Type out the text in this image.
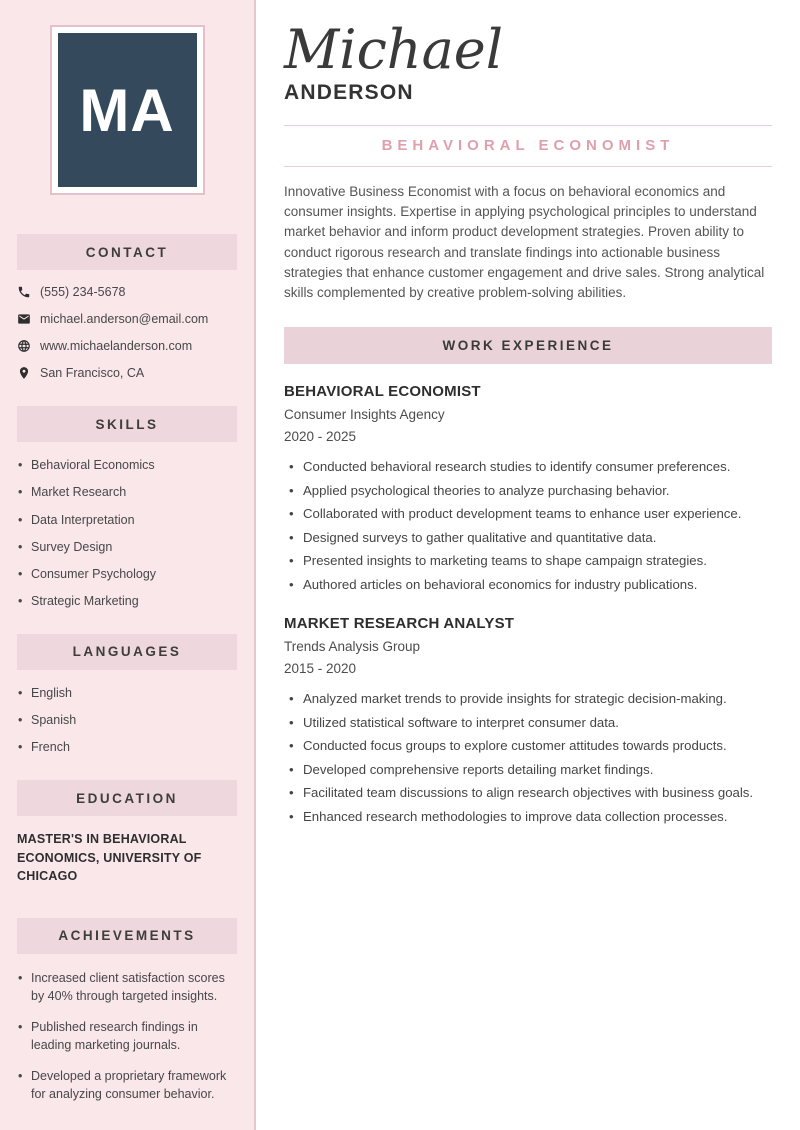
MA
CONTACT
(555) 234-5678
michael.anderson@email.com
www.michaelanderson.com
San Francisco, CA
SKILLS
• Behavioral Economics
• Market Research
• Data Interpretation
• Survey Design
• Consumer Psychology
• Strategic Marketing
LANGUAGES
• English
• Spanish
• French
EDUCATION
MASTER'S IN BEHAVIORAL ECONOMICS, UNIVERSITY OF CHICAGO
ACHIEVEMENTS
• Increased client satisfaction scores by 40% through targeted insights.
• Published research findings in leading marketing journals.
• Developed a proprietary framework for analyzing consumer behavior.
Michael
ANDERSON
BEHAVIORAL ECONOMIST

Innovative Business Economist with a focus on behavioral economics and consumer insights. Expertise in applying psychological principles to understand market behavior and inform product development strategies. Proven ability to conduct rigorous research and translate findings into actionable business strategies that enhance customer engagement and drive sales. Strong analytical skills complemented by creative problem-solving abilities.

WORK EXPERIENCE
BEHAVIORAL ECONOMIST
Consumer Insights Agency
2020 - 2025
• Conducted behavioral research studies to identify consumer preferences.
• Applied psychological theories to analyze purchasing behavior.
• Collaborated with product development teams to enhance user experience.
• Designed surveys to gather qualitative and quantitative data.
• Presented insights to marketing teams to shape campaign strategies.
• Authored articles on behavioral economics for industry publications.
MARKET RESEARCH ANALYST
Trends Analysis Group
2015 - 2020
• Analyzed market trends to provide insights for strategic decision-making.
• Utilized statistical software to interpret consumer data.
• Conducted focus groups to explore customer attitudes towards products.
• Developed comprehensive reports detailing market findings.
• Facilitated team discussions to align research objectives with business goals.
• Enhanced research methodologies to improve data collection processes.
